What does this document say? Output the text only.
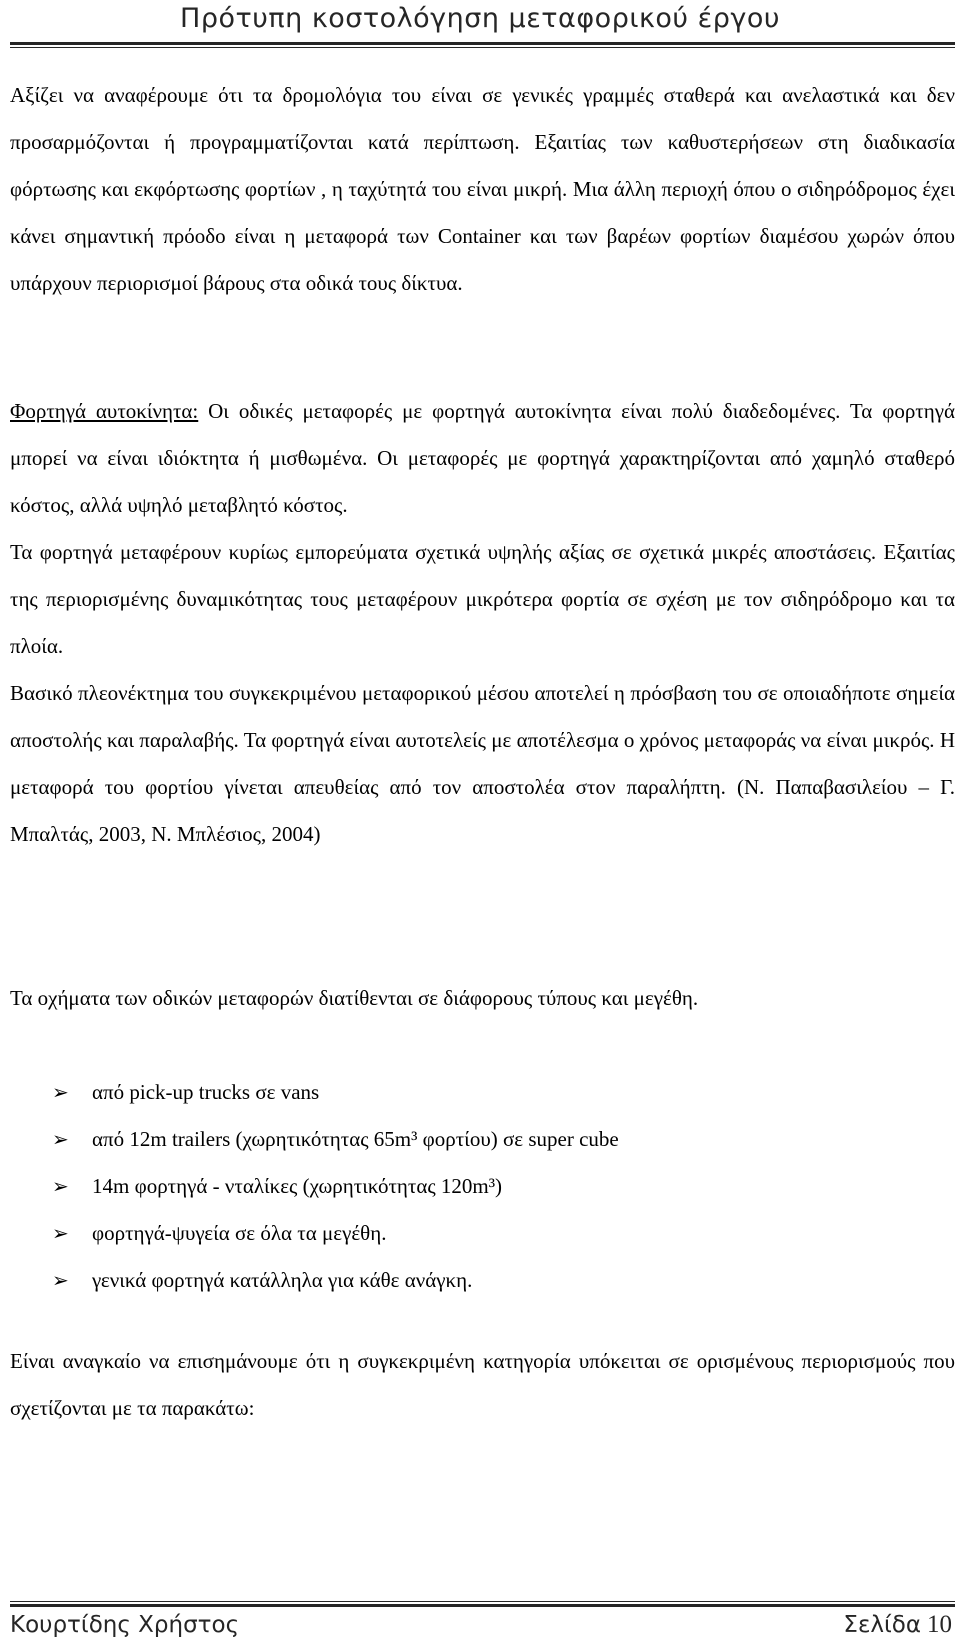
Πρότυπη κοστολόγηση μεταφορικού έργου

Αξίζει να αναφέρουμε ότι τα δρομολόγια του είναι σε γενικές γραμμές σταθερά και ανελαστικά και δεν προσαρμόζονται ή προγραμματίζονται κατά περίπτωση. Εξαιτίας των καθυστερήσεων στη διαδικασία φόρτωσης και εκφόρτωσης φορτίων , η ταχύτητά του είναι μικρή. Μια άλλη περιοχή όπου ο σιδηρόδρομος έχει κάνει σημαντική πρόοδο είναι η μεταφορά των Container και των βαρέων φορτίων διαμέσου χωρών όπου υπάρχουν περιορισμοί βάρους στα οδικά τους δίκτυα.

Φορτηγά αυτοκίνητα: Οι οδικές μεταφορές με φορτηγά αυτοκίνητα είναι πολύ διαδεδομένες. Τα φορτηγά μπορεί να είναι ιδιόκτητα ή μισθωμένα. Οι μεταφορές με φορτηγά χαρακτηρίζονται από χαμηλό σταθερό κόστος, αλλά υψηλό μεταβλητό κόστος.

Τα φορτηγά μεταφέρουν κυρίως εμπορεύματα σχετικά υψηλής αξίας σε σχετικά μικρές αποστάσεις. Εξαιτίας της περιορισμένης δυναμικότητας τους μεταφέρουν μικρότερα φορτία σε σχέση με τον σιδηρόδρομο και τα πλοία.

Βασικό πλεονέκτημα του συγκεκριμένου μεταφορικού μέσου αποτελεί η πρόσβαση του σε οποιαδήποτε σημεία αποστολής και παραλαβής. Τα φορτηγά είναι αυτοτελείς με αποτέλεσμα ο χρόνος μεταφοράς να είναι μικρός. Η μεταφορά του φορτίου γίνεται απευθείας από τον αποστολέα στον παραλήπτη. (Ν. Παπαβασιλείου – Γ. Μπαλτάς, 2003, Ν. Μπλέσιος, 2004)

Τα οχήματα των οδικών μεταφορών διατίθενται σε διάφορους τύπους και μεγέθη.

➢ από pick-up trucks σε vans
➢ από 12m trailers (χωρητικότητας 65m³ φορτίου) σε super cube
➢ 14m φορτηγά - νταλίκες (χωρητικότητας 120m³)
➢ φορτηγά-ψυγεία σε όλα τα μεγέθη.
➢ γενικά φορτηγά κατάλληλα για κάθε ανάγκη.

Είναι αναγκαίο να επισημάνουμε ότι η συγκεκριμένη κατηγορία υπόκειται σε ορισμένους περιορισμούς που σχετίζονται με τα παρακάτω:

Κουρτίδης Χρήστος	Σελίδα 10
